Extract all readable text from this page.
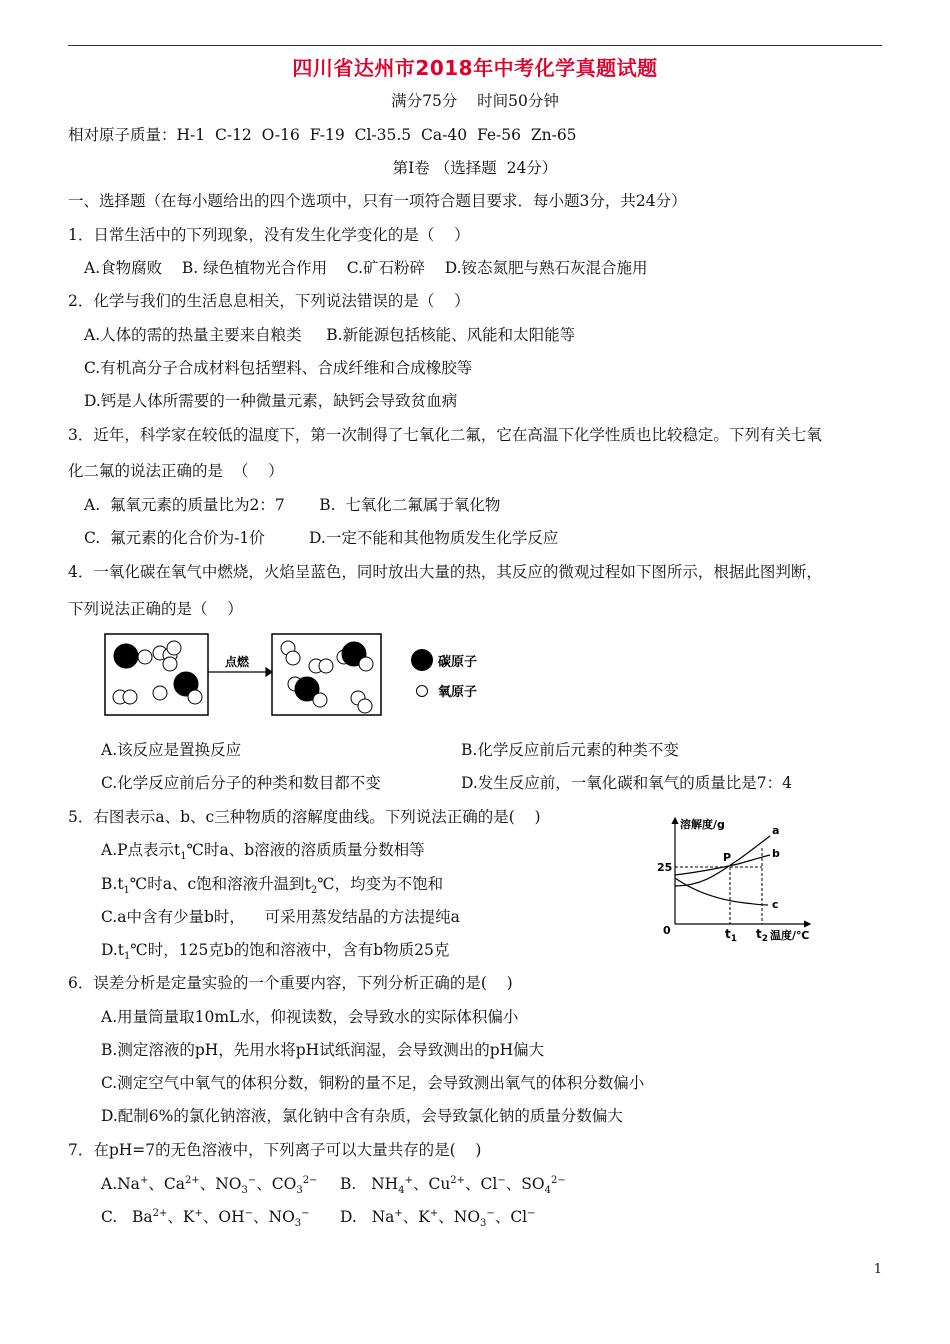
四川省达州市2018年中考化学真题试题
满分75分    时间50分钟
相对原子质量：H-1  C-12  O-16  F-19  Cl-35.5  Ca-40  Fe-56  Zn-65
第Ⅰ卷 （选择题  24分）
一、选择题（在每小题给出的四个选项中，只有一项符合题目要求．每小题3分，共24分）
1．日常生活中的下列现象，没有发生化学变化的是（    ）
A.食物腐败    B. 绿色植物光合作用    C.矿石粉碎    D.铵态氮肥与熟石灰混合施用
2．化学与我们的生活息息相关，下列说法错误的是（    ）
A.人体的需的热量主要来自粮类     B.新能源包括核能、风能和太阳能等
C.有机高分子合成材料包括塑料、合成纤维和合成橡胶等
D.钙是人体所需要的一种微量元素，缺钙会导致贫血病
3．近年，科学家在较低的温度下，第一次制得了七氧化二氟，它在高温下化学性质也比较稳定。下列有关七氧
化二氟的说法正确的是  （    ）
A.  氟氧元素的质量比为2：7       B.  七氧化二氟属于氧化物
C.  氟元素的化合价为-1价         D.一定不能和其他物质发生化学反应
4．一氧化碳在氧气中燃烧，火焰呈蓝色，同时放出大量的热，其反应的微观过程如下图所示，根据此图判断，
下列说法正确的是（    ）
点燃	碳原子
氧原子
A.该反应是置换反应	B.化学反应前后元素的种类不变
C.化学反应前后分子的种类和数目都不变	D.发生反应前，一氧化碳和氧气的质量比是7：4
5．右图表示a、b、c三种物质的溶解度曲线。下列说法正确的是(    )
A.P点表示$t_1℃$时a、b溶液的溶质质量分数相等
$B.t_1℃$时a、c饱和溶液升温到$t_2℃$，均变为不饱和
C.a中含有少量b时，    可采用蒸发结晶的方法提纯a
$D.t_1℃$时，125克b的饱和溶液中，含有b物质25克
溶解度/g
0
25
P
a
b
c
$t_1$ $t_2$ 温度/℃
6．误差分析是定量实验的一个重要内容，下列分析正确的是(    )
A.用量筒量取10mL水，仰视读数，会导致水的实际体积偏小
B.测定溶液的pH，先用水将pH试纸润湿，会导致测出的pH偏大
C.测定空气中氧气的体积分数，铜粉的量不足，会导致测出氧气的体积分数偏小
D.配制6%的氯化钠溶液，氯化钠中含有杂质，会导致氯化钠的质量分数偏大
7．在pH=7的无色溶液中，下列离子可以大量共存的是(    )
A.Na+、$Ca^{2+}$、$NO_3^-$、$CO_3^{2-}$ B.   $NH_4^+$、$Cu^{2+}$、Cl−、$SO_4^{2-}$
C.   $Ba^{2+}$、K+、OH−、$NO_3^-$ D.   Na+、K+、$NO_3^-$、Cl−
1
